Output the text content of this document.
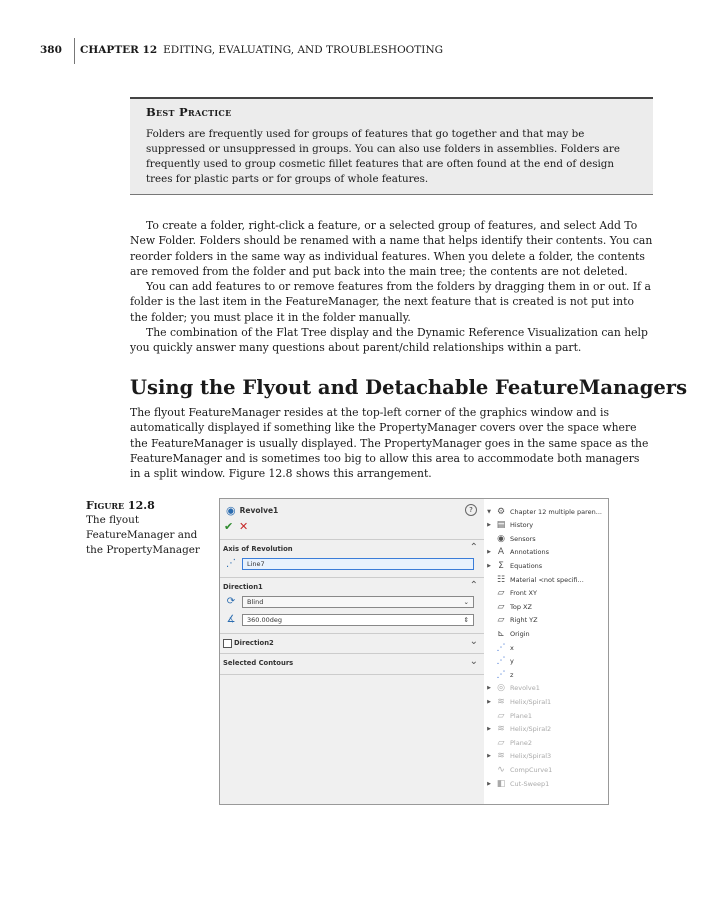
380 CHAPTER 12 EDITING, EVALUATING, AND TROUBLESHOOTING
Best Practice

Folders are frequently used for groups of features that go together and that may be suppressed or unsuppressed in groups. You can also use folders in assemblies. Folders are frequently used to group cosmetic fillet features that are often found at the end of design trees for plastic parts or for groups of whole features.

To create a folder, right-click a feature, or a selected group of features, and select Add To New Folder. Folders should be renamed with a name that helps identify their contents. You can reorder folders in the same way as individual features. When you delete a folder, the contents are removed from the folder and put back into the main tree; the contents are not deleted.

You can add features to or remove features from the folders by dragging them in or out. If a folder is the last item in the FeatureManager, the next feature that is created is not put into the folder; you must place it in the folder manually.

The combination of the Flat Tree display and the Dynamic Reference Visualization can help you quickly answer many questions about parent/child relationships within a part.

Using the Flyout and Detachable FeatureManagers

The flyout FeatureManager resides at the top-left corner of the graphics window and is automatically displayed if something like the PropertyManager covers over the space where the FeatureManager is usually displayed. The PropertyManager goes in the same space as the FeatureManager and is sometimes too big to allow this area to accommodate both managers in a split window. Figure 12.8 shows this arrangement.

Figure 12.8
The flyout FeatureManager and the PropertyManager
◉ Revolve1	?
✔ ✕
Axis of Revolution	⌃
⋰	Line7
Direction1	⌃
⟳	Blind	⌄
∡	360.00deg	⇕
Direction2	⌄
Selected Contours	⌄
▼ ⚙ Chapter 12 multiple paren...
▶ ▤ History
◉ Sensors
▶ A Annotations
▶ Σ Equations
☷ Material <not specifi...
▱ Front XY
▱ Top XZ
▱ Right YZ
⊾ Origin
⋰ x
⋰ y
⋰ z
▶ ◎ Revolve1
▶ ≋ Helix/Spiral1
▱ Plane1
▶ ≋ Helix/Spiral2
▱ Plane2
▶ ≋ Helix/Spiral3
∿ CompCurve1
▶ ◧ Cut-Sweep1
